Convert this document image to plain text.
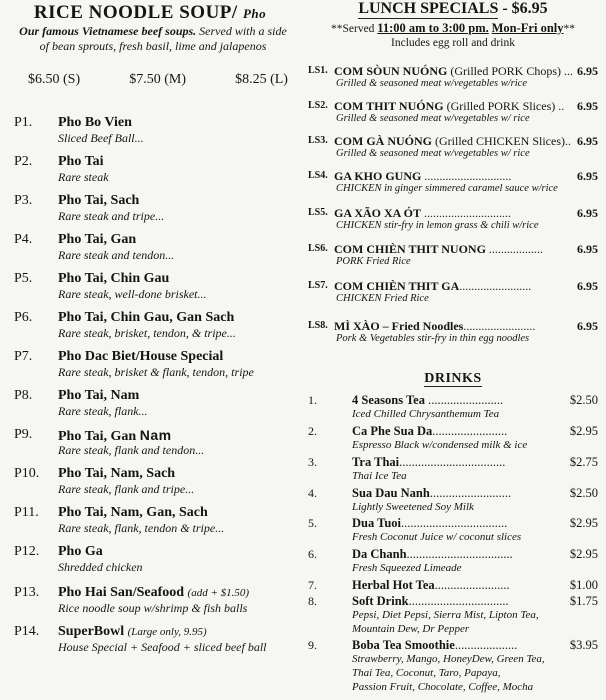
RICE NOODLE SOUP/ Pho
Our famous Vietnamese beef soups. Served with a side of bean sprouts, fresh basil, lime and jalapenos
$6.50 (S)	$7.50 (M)	$8.25 (L)
P1. Pho Bo Vien
Sliced Beef Ball...
P2. Pho Tai
Rare steak
P3. Pho Tai, Sach
Rare steak and tripe...
P4. Pho Tai, Gan
Rare steak and tendon...
P5. Pho Tai, Chin Gau
Rare steak, well-done brisket...
P6. Pho Tai, Chin Gau, Gan Sach
Rare steak, brisket, tendon, & tripe...
P7. Pho Dac Biet/House Special
Rare steak, brisket & flank, tendon, tripe
P8. Pho Tai, Nam
Rare steak, flank...
P9. Pho Tai, Gan Nam
Rare steak, flank and tendon...
P10. Pho Tai, Nam, Sach
Rare steak, flank and tripe...
P11. Pho Tai, Nam, Gan, Sach
Rare steak, flank, tendon & tripe...
P12. Pho Ga
Shredded chicken
P13. Pho Hai San/Seafood (add + $1.50)
Rice noodle soup w/shrimp & fish balls
P14. SuperBowl (Large only, 9.95)
House Special + Seafood + sliced beef ball
LUNCH SPECIALS - $6.95
**Served 11:00 am to 3:00 pm. Mon-Fri only**
Includes egg roll and drink
LS1. COM SÒUN NUÓNG (Grilled PORK Chops) ... 6.95
Grilled & seasoned meat w/vegetables w/rice
LS2. COM THIT NUÓNG (Grilled PORK Slices) .. 6.95
Grilled & seasoned meat w/vegetables w/ rice
LS3. COM GÀ NUÓNG (Grilled CHICKEN Slices).. 6.95
Grilled & seasoned meat w/vegetables w/ rice
LS4. GA KHO GUNG .............................	6.95
CHICKEN in ginger simmered caramel sauce w/rice
LS5. GA XÃO XA ÓT .............................	6.95
CHICKEN stir-fry in lemon grass & chili w/rice
LS6. COM CHIÈN THIT NUONG ..................	6.95
PORK Fried Rice
LS7. COM CHIÈN THIT GA........................	6.95
CHICKEN Fried Rice
LS8. MÌ XÀO – Fried Noodles........................	6.95
Pork & Vegetables stir-fry in thin egg noodles
DRINKS
1.	4 Seasons Tea ........................	$2.50
Iced Chilled Chrysanthemum Tea
2.	Ca Phe Sua Da........................	$2.95
Espresso Black w/condensed milk & ice
3.	Tra Thai..................................	$2.75
Thai Ice Tea
4.	Sua Dau Nanh..........................	$2.50
Lightly Sweetened Soy Milk
5.	Dua Tuoi..................................	$2.95
Fresh Coconut Juice w/ coconut slices
6.	Da Chanh..................................	$2.95
Fresh Squeezed Limeade
7.	Herbal Hot Tea........................	$1.00
8.	Soft Drink................................	$1.75
Pepsi, Diet Pepsi, Sierra Mist, Lipton Tea,
Mountain Dew, Dr Pepper
9.	Boba Tea Smoothie....................	$3.95
Strawberry, Mango, HoneyDew, Green Tea,
Thai Tea, Coconut, Taro, Papaya,
Passion Fruit, Chocolate, Coffee, Mocha
